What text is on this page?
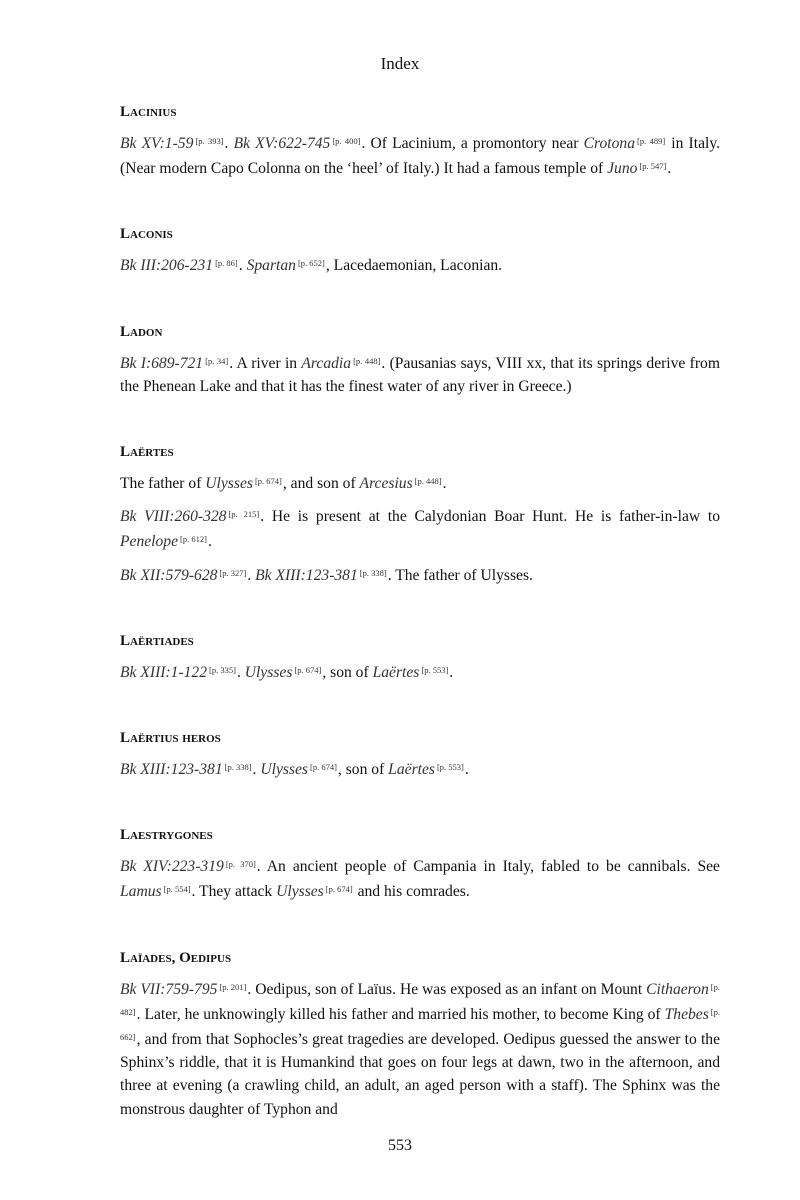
Index
Lacinius
Bk XV:1-59 [p. 393]. Bk XV:622-745 [p. 400]. Of Lacinium, a promontory near Crotona [p. 489] in Italy. (Near modern Capo Colonna on the ‘heel’ of Italy.) It had a famous temple of Juno [p. 547].
Laconis
Bk III:206-231 [p. 86]. Spartan [p. 652], Lacedaemonian, Laconian.
Ladon
Bk I:689-721 [p. 34]. A river in Arcadia [p. 448]. (Pausanias says, VIII xx, that its springs derive from the Phenean Lake and that it has the finest water of any river in Greece.)
Laërtes
The father of Ulysses [p. 674], and son of Arcesius [p. 448].
Bk VIII:260-328 [p. 215]. He is present at the Calydonian Boar Hunt. He is father-in-law to Penelope [p. 612].
Bk XII:579-628 [p. 327]. Bk XIII:123-381 [p. 338]. The father of Ulysses.
Laërtiades
Bk XIII:1-122 [p. 335]. Ulysses [p. 674], son of Laërtes [p. 553].
Laërtius heros
Bk XIII:123-381 [p. 338]. Ulysses [p. 674], son of Laërtes [p. 553].
Laestrygones
Bk XIV:223-319 [p. 370]. An ancient people of Campania in Italy, fabled to be cannibals. See Lamus [p. 554]. They attack Ulysses [p. 674] and his comrades.
Laïades, Oedipus
Bk VII:759-795 [p. 201]. Oedipus, son of Laïus. He was exposed as an infant on Mount Cithaeron [p. 482]. Later, he unknowingly killed his father and married his mother, to become King of Thebes [p. 662], and from that Sophocles’s great tragedies are developed. Oedipus guessed the answer to the Sphinx’s riddle, that it is Humankind that goes on four legs at dawn, two in the afternoon, and three at evening (a crawling child, an adult, an aged person with a staff). The Sphinx was the monstrous daughter of Typhon and
553
